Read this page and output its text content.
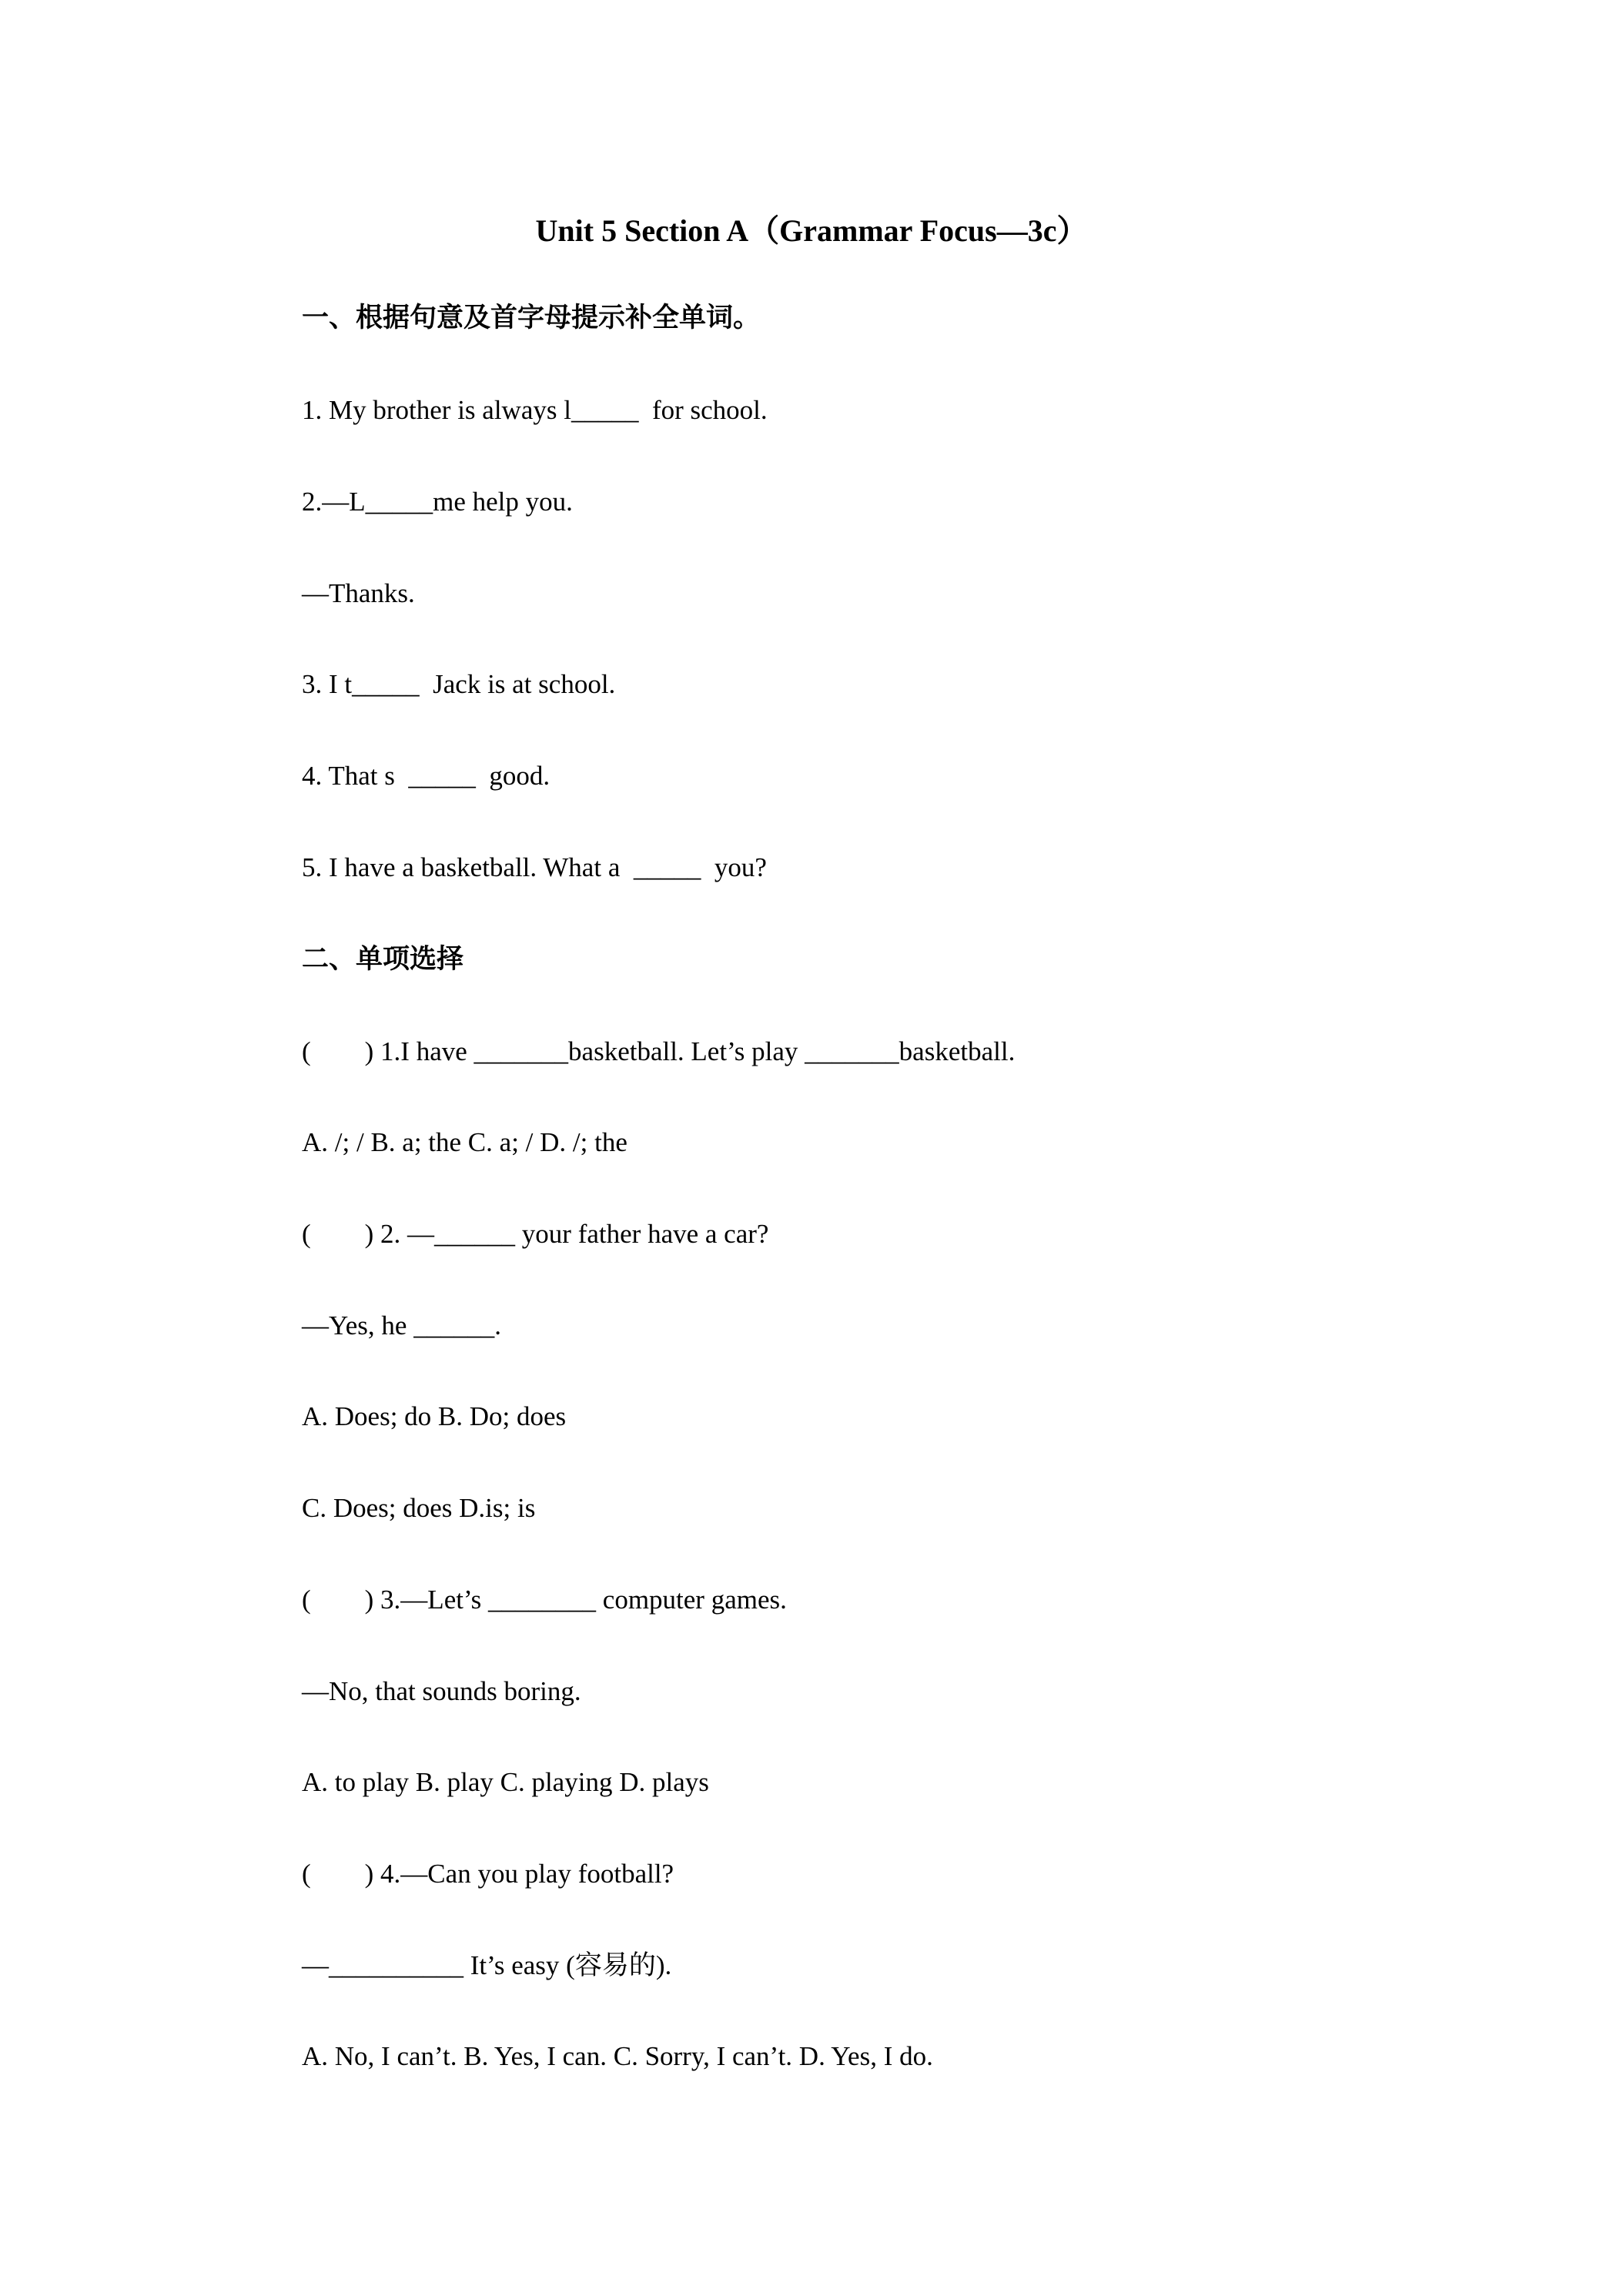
Unit 5 Section A（Grammar Focus—3c）
一、根据句意及首字母提示补全单词。
1. My brother is always l_____  for school.
2.—L_____me help you.
—Thanks.
3. I t_____  Jack is at school.
4. That s  _____  good.
5. I have a basketball. What a  _____  you?
二、单项选择
(        ) 1.I have _______basketball. Let’s play _______basketball.
A. /; / B. a; the C. a; / D. /; the
(        ) 2. —______ your father have a car?
—Yes, he ______.
A. Does; do B. Do; does
C. Does; does D.is; is
(        ) 3.—Let’s ________ computer games.
—No, that sounds boring.
A. to play B. play C. playing D. plays
(        ) 4.—Can you play football?
—__________ It’s easy (容易的).
A. No, I can’t. B. Yes, I can. C. Sorry, I can’t. D. Yes, I do.
